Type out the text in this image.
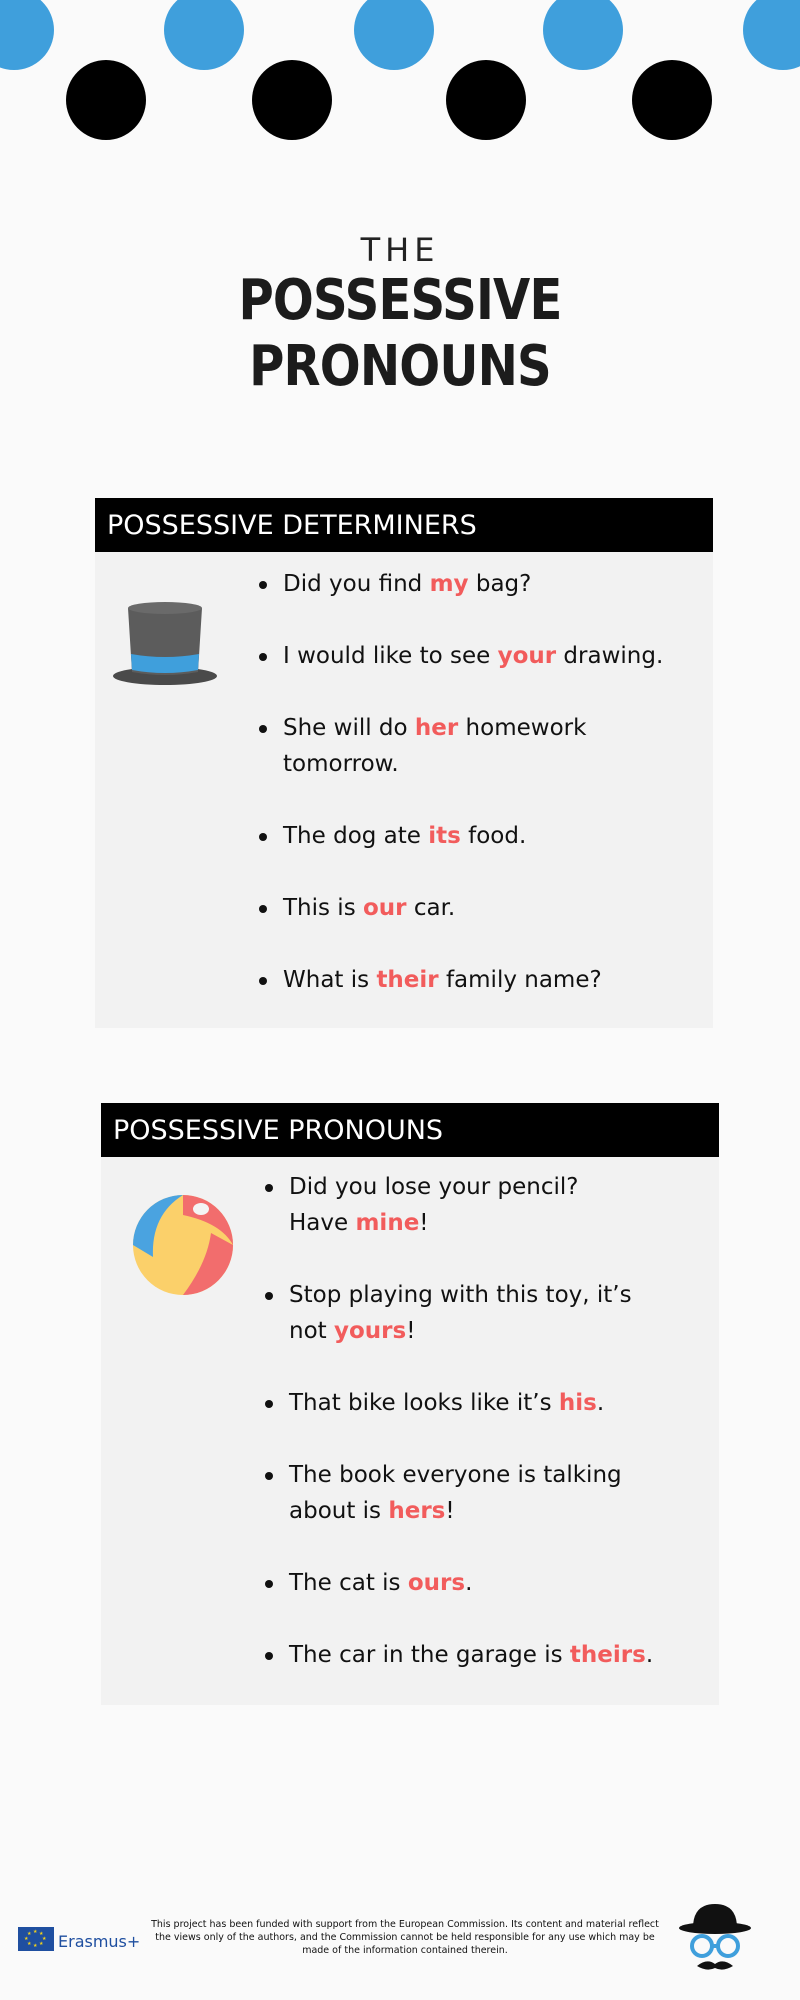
THE
POSSESSIVE
PRONOUNS
POSSESSIVE DETERMINERS
Did you find my bag?
I would like to see your drawing.
She will do her homework tomorrow.
The dog ate its food.
This is our car.
What is their family name?
POSSESSIVE PRONOUNS
Did you lose your pencil?
Have mine!
Stop playing with this toy, it’s not yours!
That bike looks like it’s his.
The book everyone is talking about is hers!
The cat is ours.
The car in the garage is theirs.
★ ★
★
★
★
★
★
★ Erasmus+
This project has been funded with support from the European Commission. Its content and material reflect the views only of the authors, and the Commission cannot be held responsible for any use which may be made of the information contained therein.
